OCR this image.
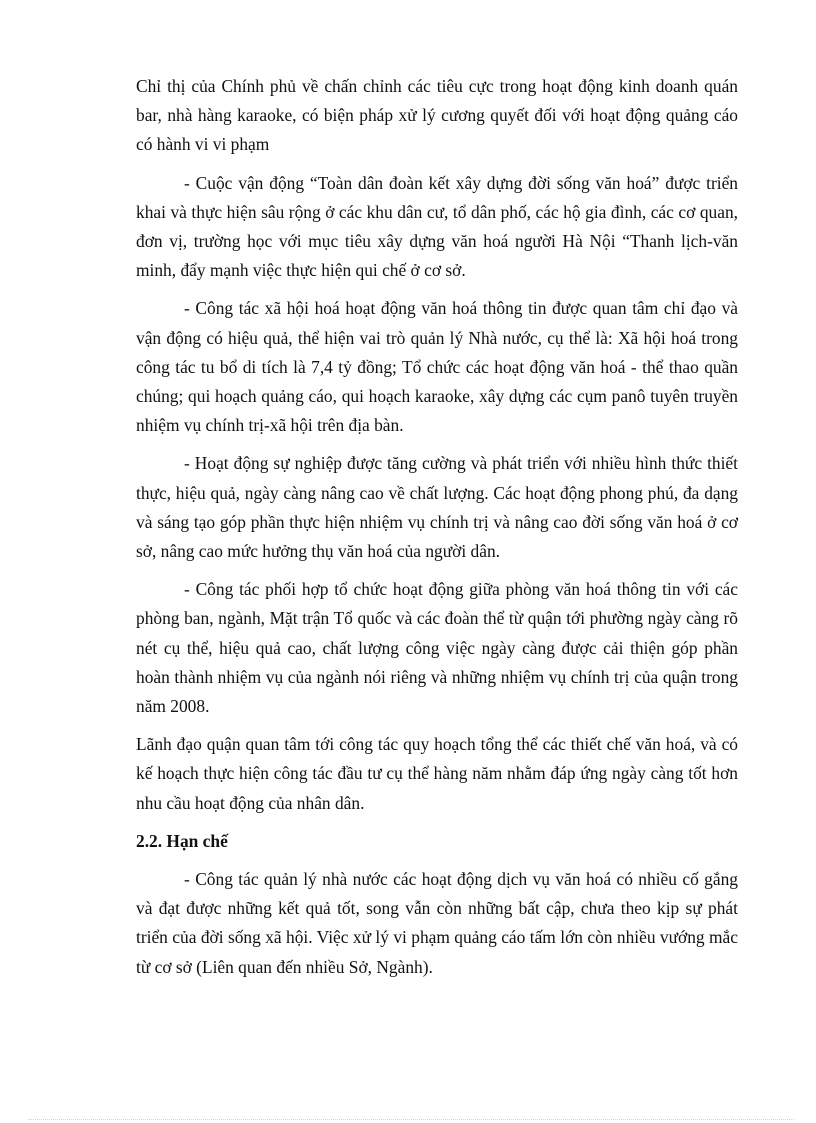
Chỉ thị của Chính phủ về chấn chỉnh các tiêu cực trong hoạt động kinh doanh quán bar, nhà hàng karaoke, có biện pháp xử lý cương quyết đối với hoạt động quảng cáo có hành vi vi phạm

- Cuộc vận động “Toàn dân đoàn kết xây dựng đời sống văn hoá” được triển khai và thực hiện sâu rộng ở các khu dân cư, tổ dân phố, các hộ gia đình, các cơ quan, đơn vị, trường học với mục tiêu xây dựng văn hoá người Hà Nội “Thanh lịch-văn minh, đẩy mạnh việc thực hiện qui chế ở cơ sở.

- Công tác xã hội hoá hoạt động văn hoá thông tin được quan tâm chỉ đạo và vận động có hiệu quả, thể hiện vai trò quản lý Nhà nước, cụ thể là: Xã hội hoá trong công tác tu bổ di tích là 7,4 tỷ đồng; Tổ chức các hoạt động văn hoá - thể thao quần chúng; qui hoạch quảng cáo, qui hoạch karaoke, xây dựng các cụm panô tuyên truyền nhiệm vụ chính trị-xã hội trên địa bàn.

- Hoạt động sự nghiệp được tăng cường và phát triển với nhiều hình thức thiết thực, hiệu quả, ngày càng nâng cao về chất lượng. Các hoạt động phong phú, đa dạng và sáng tạo góp phần thực hiện nhiệm vụ chính trị và nâng cao đời sống văn hoá ở cơ sở, nâng cao mức hưởng thụ văn hoá của người dân.

- Công tác phối hợp tổ chức hoạt động giữa phòng văn hoá thông tin với các phòng ban, ngành, Mặt trận Tổ quốc và các đoàn thể từ quận tới phường ngày càng rõ nét cụ thể, hiệu quả cao, chất lượng công việc ngày càng được cải thiện góp phần hoàn thành nhiệm vụ của ngành nói riêng và những nhiệm vụ chính trị của quận trong năm 2008.

Lãnh đạo quận quan tâm tới công tác quy hoạch tổng thể các thiết chế văn hoá, và có kế hoạch thực hiện công tác đầu tư cụ thể hàng năm nhằm đáp ứng ngày càng tốt hơn nhu cầu hoạt động của nhân dân.

2.2. Hạn chế

- Công tác quản lý nhà nước các hoạt động dịch vụ văn hoá có nhiều cố gắng và đạt được những kết quả tốt, song vẫn còn những bất cập, chưa theo kịp sự phát triển của đời sống xã hội. Việc xử lý vi phạm quảng cáo tấm lớn còn nhiều vướng mắc từ cơ sở (Liên quan đến nhiều Sở, Ngành).
